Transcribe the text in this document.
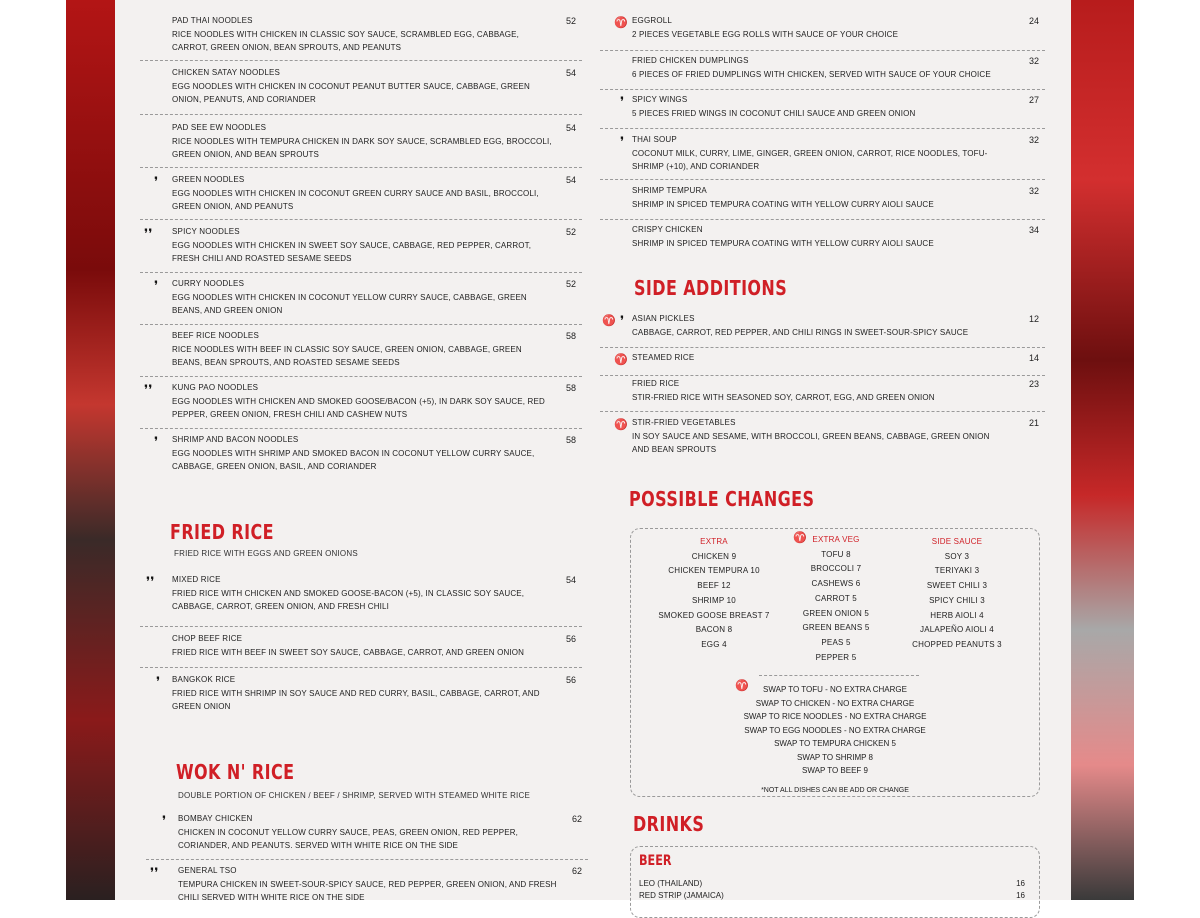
PAD THAI NOODLES
RICE NOODLES WITH CHICKEN IN CLASSIC SOY SAUCE, SCRAMBLED EGG, CABBAGE, CARROT, GREEN ONION, BEAN SPROUTS, AND PEANUTS
52
CHICKEN SATAY NOODLES
EGG NOODLES WITH CHICKEN IN COCONUT PEANUT BUTTER SAUCE, CABBAGE, GREEN ONION, PEANUTS, AND CORIANDER
54
PAD SEE EW NOODLES
RICE NOODLES WITH TEMPURA CHICKEN IN DARK SOY SAUCE, SCRAMBLED EGG, BROCCOLI, GREEN ONION, AND BEAN SPROUTS
54
❜ GREEN NOODLES
EGG NOODLES WITH CHICKEN IN COCONUT GREEN CURRY SAUCE AND BASIL, BROCCOLI, GREEN ONION, AND PEANUTS
54
❜❜ SPICY NOODLES
EGG NOODLES WITH CHICKEN IN SWEET SOY SAUCE, CABBAGE, RED PEPPER, CARROT, FRESH CHILI AND ROASTED SESAME SEEDS
52
❜ CURRY NOODLES
EGG NOODLES WITH CHICKEN IN COCONUT YELLOW CURRY SAUCE, CABBAGE, GREEN BEANS, AND GREEN ONION
52
BEEF RICE NOODLES
RICE NOODLES WITH BEEF IN CLASSIC SOY SAUCE, GREEN ONION, CABBAGE, GREEN BEANS, BEAN SPROUTS, AND ROASTED SESAME SEEDS
58
❜❜ KUNG PAO NOODLES
EGG NOODLES WITH CHICKEN AND SMOKED GOOSE/BACON (+5), IN DARK SOY SAUCE, RED PEPPER, GREEN ONION, FRESH CHILI AND CASHEW NUTS
58
❜ SHRIMP AND BACON NOODLES
EGG NOODLES WITH SHRIMP AND SMOKED BACON IN COCONUT YELLOW CURRY SAUCE, CABBAGE, GREEN ONION, BASIL, AND CORIANDER
58
FRIED RICE
FRIED RICE WITH EGGS AND GREEN ONIONS
❜❜ MIXED RICE
FRIED RICE WITH CHICKEN AND SMOKED GOOSE-BACON (+5), IN CLASSIC SOY SAUCE, CABBAGE, CARROT, GREEN ONION, AND FRESH CHILI
54
CHOP BEEF RICE
FRIED RICE WITH BEEF IN SWEET SOY SAUCE, CABBAGE, CARROT, AND GREEN ONION
56
❜ BANGKOK RICE
FRIED RICE WITH SHRIMP IN SOY SAUCE AND RED CURRY, BASIL, CABBAGE, CARROT, AND GREEN ONION
56
WOK N' RICE
DOUBLE PORTION OF CHICKEN / BEEF / SHRIMP, SERVED WITH STEAMED WHITE RICE
❜ BOMBAY CHICKEN
CHICKEN IN COCONUT YELLOW CURRY SAUCE, PEAS, GREEN ONION, RED PEPPER, CORIANDER, AND PEANUTS. SERVED WITH WHITE RICE ON THE SIDE
62
❜❜ GENERAL TSO
TEMPURA CHICKEN IN SWEET-SOUR-SPICY SAUCE, RED PEPPER, GREEN ONION, AND FRESH CHILI SERVED WITH WHITE RICE ON THE SIDE
62
♈ EGGROLL
2 PIECES VEGETABLE EGG ROLLS WITH SAUCE OF YOUR CHOICE
24
FRIED CHICKEN DUMPLINGS
6 PIECES OF FRIED DUMPLINGS WITH CHICKEN, SERVED WITH SAUCE OF YOUR CHOICE
32
❜ SPICY WINGS
5 PIECES FRIED WINGS IN COCONUT CHILI SAUCE AND GREEN ONION
27
❜ THAI SOUP
COCONUT MILK, CURRY, LIME, GINGER, GREEN ONION, CARROT, RICE NOODLES, TOFU-SHRIMP (+10), AND CORIANDER
32
SHRIMP TEMPURA
SHRIMP IN SPICED TEMPURA COATING WITH YELLOW CURRY AIOLI SAUCE
32
CRISPY CHICKEN
SHRIMP IN SPICED TEMPURA COATING WITH YELLOW CURRY AIOLI SAUCE
34
SIDE ADDITIONS
♈ ❜ ASIAN PICKLES
CABBAGE, CARROT, RED PEPPER, AND CHILI RINGS IN SWEET-SOUR-SPICY SAUCE
12
♈ STEAMED RICE	14
FRIED RICE
STIR-FRIED RICE WITH SEASONED SOY, CARROT, EGG, AND GREEN ONION
23
♈ STIR-FRIED VEGETABLES
IN SOY SAUCE AND SESAME, WITH BROCCOLI, GREEN BEANS, CABBAGE, GREEN ONION AND BEAN SPROUTS
21
POSSIBLE CHANGES
EXTRA
CHICKEN 9
CHICKEN TEMPURA 10
BEEF 12
SHRIMP 10
SMOKED GOOSE BREAST 7
BACON 8
EGG 4
♈ EXTRA VEG
TOFU 8
BROCCOLI 7
CASHEWS 6
CARROT 5
GREEN ONION 5
GREEN BEANS 5
PEAS 5
PEPPER 5
SIDE SAUCE
SOY 3
TERIYAKI 3
SWEET CHILI 3
SPICY CHILI 3
HERB AIOLI 4
JALAPEÑO AIOLI 4
CHOPPED PEANUTS 3
♈	SWAP TO TOFU - NO EXTRA CHARGE
SWAP TO CHICKEN - NO EXTRA CHARGE
SWAP TO RICE NOODLES - NO EXTRA CHARGE
SWAP TO EGG NOODLES - NO EXTRA CHARGE
SWAP TO TEMPURA CHICKEN 5
SWAP TO SHRIMP 8
SWAP TO BEEF 9
*NOT ALL DISHES CAN BE ADD OR CHANGE
DRINKS
BEER
LEO (THAILAND)	16
RED STRIP (JAMAICA)	16
